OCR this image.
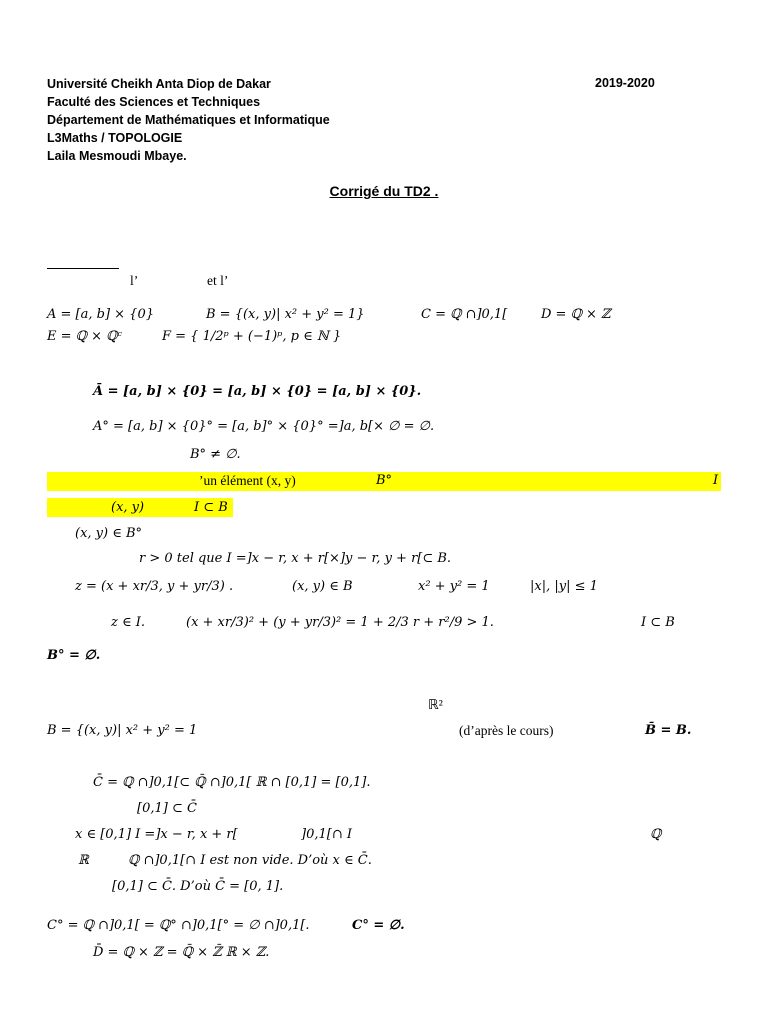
Université Cheikh Anta Diop de Dakar
Faculté des Sciences et Techniques
Département de Mathématiques et Informatique
L3Maths / TOPOLOGIE
Laila Mesmoudi Mbaye.
2019-2020
Corrigé du TD2 .
l’	et l’
A = [a, b] × {0}	B = {(x, y)| x² + y² = 1}	C = ℚ ∩]0,1[	D = ℚ × ℤ
E = ℚ × ℚᶜ	F = { 1/2ᵖ + (−1)ᵖ, p ∈ ℕ }
Ā = [a, b] × {0} = [a, b] × {0} = [a, b] × {0}.
A° = [a, b] × {0}° = [a, b]° × {0}° =]a, b[× ∅ = ∅.
B° ≠ ∅.
’un élément (x, y)	B°	I
(x, y)	I ⊂ B
(x, y) ∈ B°
r > 0 tel que I =]x − r, x + r[×]y − r, y + r[⊂ B.
z = (x + xr/3, y + yr/3) .	(x, y) ∈ B	x² + y² = 1	|x|, |y| ≤ 1
z ∈ I.	(x + xr/3)² + (y + yr/3)² = 1 + 2/3 r + r²/9 > 1.	I ⊂ B
B° = ∅.
ℝ²
B = {(x, y)| x² + y² = 1	(d’après le cours)	B̄ = B.
C̄ = ℚ ∩]0,1[⊂ ℚ̄ ∩]0,1[ ℝ ∩ [0,1] = [0,1].
[0,1] ⊂ C̄
x ∈ [0,1] I =]x − r, x + r[	]0,1[∩ I	ℚ
ℝ	ℚ ∩]0,1[∩ I est non vide. D’où x ∈ C̄.
[0,1] ⊂ C̄. D’où C̄ = [0, 1].
C° = ℚ ∩]0,1[ = ℚ° ∩]0,1[° = ∅ ∩]0,1[.	C° = ∅.
D̄ = ℚ × ℤ = ℚ̄ × ℤ̄ ℝ × ℤ.
